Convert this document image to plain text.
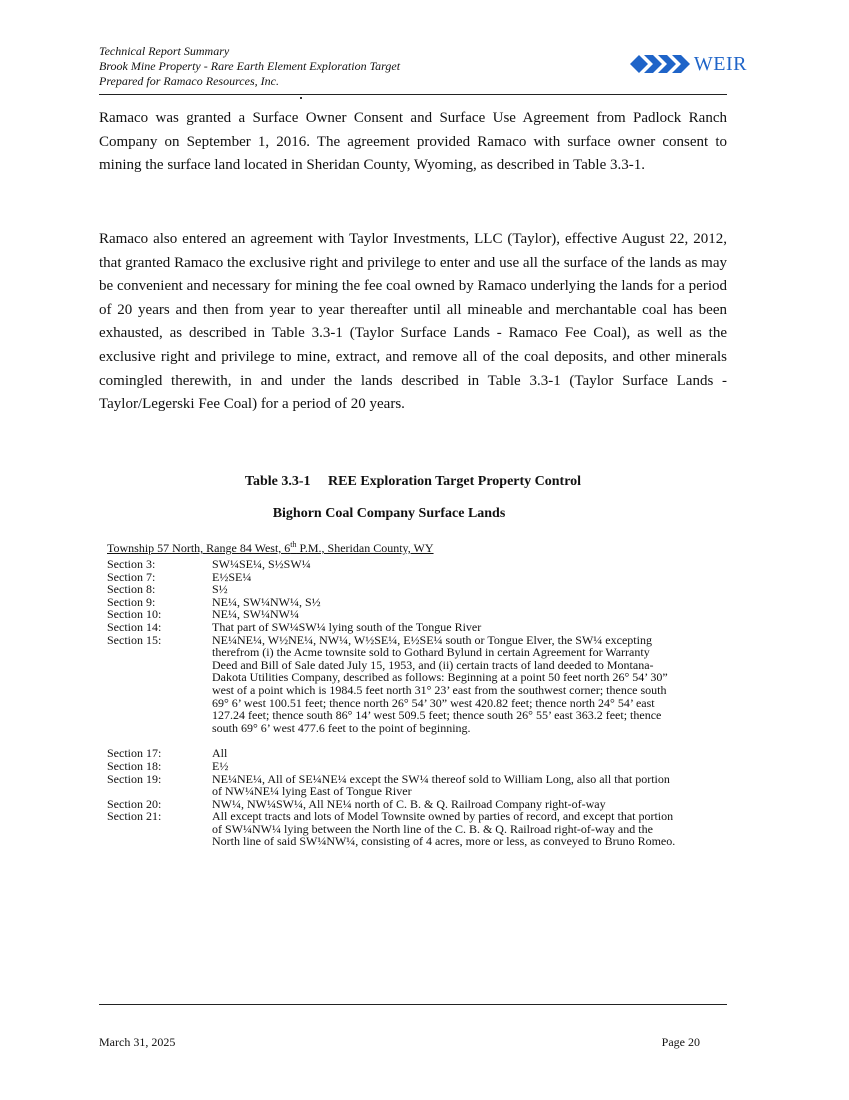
Technical Report Summary
Brook Mine Property - Rare Earth Element Exploration Target
Prepared for Ramaco Resources, Inc.
WEIR
Ramaco was granted a Surface Owner Consent and Surface Use Agreement from Padlock Ranch Company on September 1, 2016. The agreement provided Ramaco with surface owner consent to mining the surface land located in Sheridan County, Wyoming, as described in Table 3.3-1.
Ramaco also entered an agreement with Taylor Investments, LLC (Taylor), effective August 22, 2012, that granted Ramaco the exclusive right and privilege to enter and use all the surface of the lands as may be convenient and necessary for mining the fee coal owned by Ramaco underlying the lands for a period of 20 years and then from year to year thereafter until all mineable and merchantable coal has been exhausted, as described in Table 3.3-1 (Taylor Surface Lands - Ramaco Fee Coal), as well as the exclusive right and privilege to mine, extract, and remove all of the coal deposits, and other minerals comingled therewith, in and under the lands described in Table 3.3-1 (Taylor Surface Lands - Taylor/Legerski Fee Coal) for a period of 20 years.
Table 3.3-1     REE Exploration Target Property Control
Bighorn Coal Company Surface Lands
Township 57 North, Range 84 West, 6th P.M., Sheridan County, WY
Section 3:	SW¼SE¼, S½SW¼
Section 7:	E½SE¼
Section 8:	S½
Section 9:	NE¼, SW¼NW¼, S½
Section 10:	NE¼, SW¼NW¼
Section 14:	That part of SW¼SW¼ lying south of the Tongue River
Section 15:	NE¼NE¼, W½NE¼, NW¼, W½SE¼, E½SE¼ south or Tongue Elver, the SW¼ excepting therefrom (i) the Acme townsite sold to Gothard Bylund in certain Agreement for Warranty Deed and Bill of Sale dated July 15, 1953, and (ii) certain tracts of land deeded to Montana-Dakota Utilities Company, described as follows: Beginning at a point 50 feet north 26° 54’ 30” west of a point which is 1984.5 feet north 31° 23’ east from the southwest corner; thence south 69° 6’ west 100.51 feet; thence north 26° 54’ 30” west 420.82 feet; thence north 24° 54’ east 127.24 feet; thence south 86° 14’ west 509.5 feet; thence south 26° 55’ east 363.2 feet; thence south 69° 6’ west 477.6 feet to the point of beginning.
Section 17:	All
Section 18:	E½
Section 19:	NE¼NE¼, All of SE¼NE¼ except the SW¼ thereof sold to William Long, also all that portion of NW¼NE¼ lying East of Tongue River
Section 20:	NW¼, NW¼SW¼, All NE¼ north of C. B. & Q. Railroad Company right-of-way
Section 21:	All except tracts and lots of Model Townsite owned by parties of record, and except that portion of SW¼NW¼ lying between the North line of the C. B. & Q. Railroad right-of-way and the North line of said SW¼NW¼, consisting of 4 acres, more or less, as conveyed to Bruno Romeo.
March 31, 2025	Page 20
